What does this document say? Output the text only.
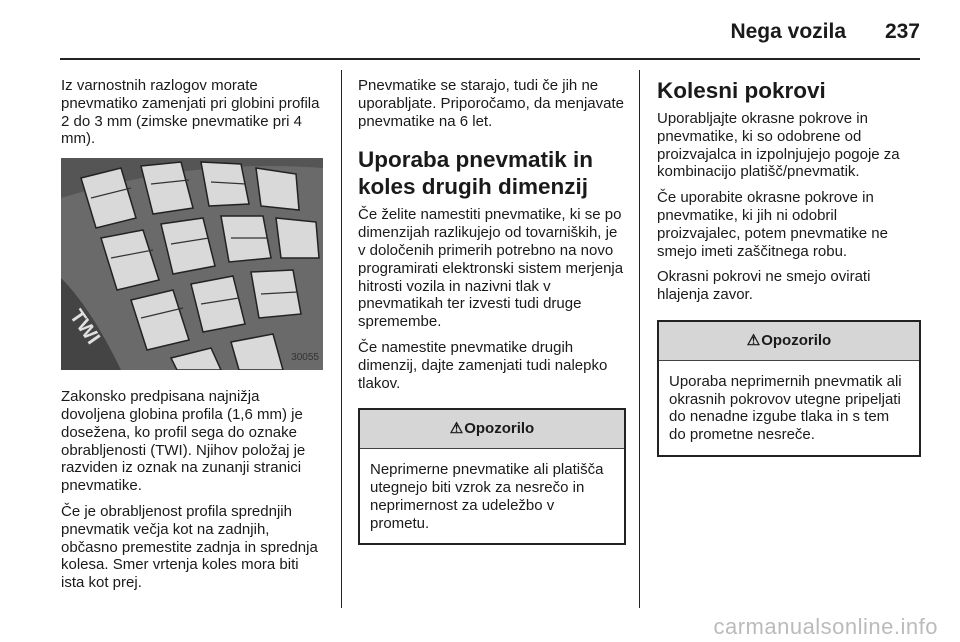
Nega vozila 237

Iz varnostnih razlogov morate pnevmatiko zamenjati pri globini profila 2 do 3 mm (zimske pnevmatike pri 4 mm).

TWI
30055

Zakonsko predpisana najnižja dovoljena globina profila (1,6 mm) je dosežena, ko profil sega do oznake obrabljenosti (TWI). Njihov položaj je razviden iz oznak na zunanji stranici pnevmatike.

Če je obrabljenost profila sprednjih pnevmatik večja kot na zadnjih, občasno premestite zadnja in sprednja kolesa. Smer vrtenja koles mora biti ista kot prej.

Pnevmatike se starajo, tudi če jih ne uporabljate. Priporočamo, da menjavate pnevmatike na 6 let.

Uporaba pnevmatik in koles drugih dimenzij

Če želite namestiti pnevmatike, ki se po dimenzijah razlikujejo od tovarniških, je v določenih primerih potrebno na novo programirati elektronski sistem merjenja hitrosti vozila in nazivni tlak v pnevmatikah ter izvesti tudi druge spremembe.

Če namestite pnevmatike drugih dimenzij, dajte zamenjati tudi nalepko tlakov.

⚠Opozorilo
Neprimerne pnevmatike ali platišča utegnejo biti vzrok za nesrečo in neprimernost za udeležbo v prometu.
Kolesni pokrovi

Uporabljajte okrasne pokrove in pnevmatike, ki so odobrene od proizvajalca in izpolnjujejo pogoje za kombinacijo platišč/pnevmatik.

Če uporabite okrasne pokrove in pnevmatike, ki jih ni odobril proizvajalec, potem pnevmatike ne smejo imeti zaščitnega robu.

Okrasni pokrovi ne smejo ovirati hlajenja zavor.

⚠Opozorilo
Uporaba neprimernih pnevmatik ali okrasnih pokrovov utegne pripeljati do nenadne izgube tlaka in s tem do prometne nesreče.
carmanualsonline.info
